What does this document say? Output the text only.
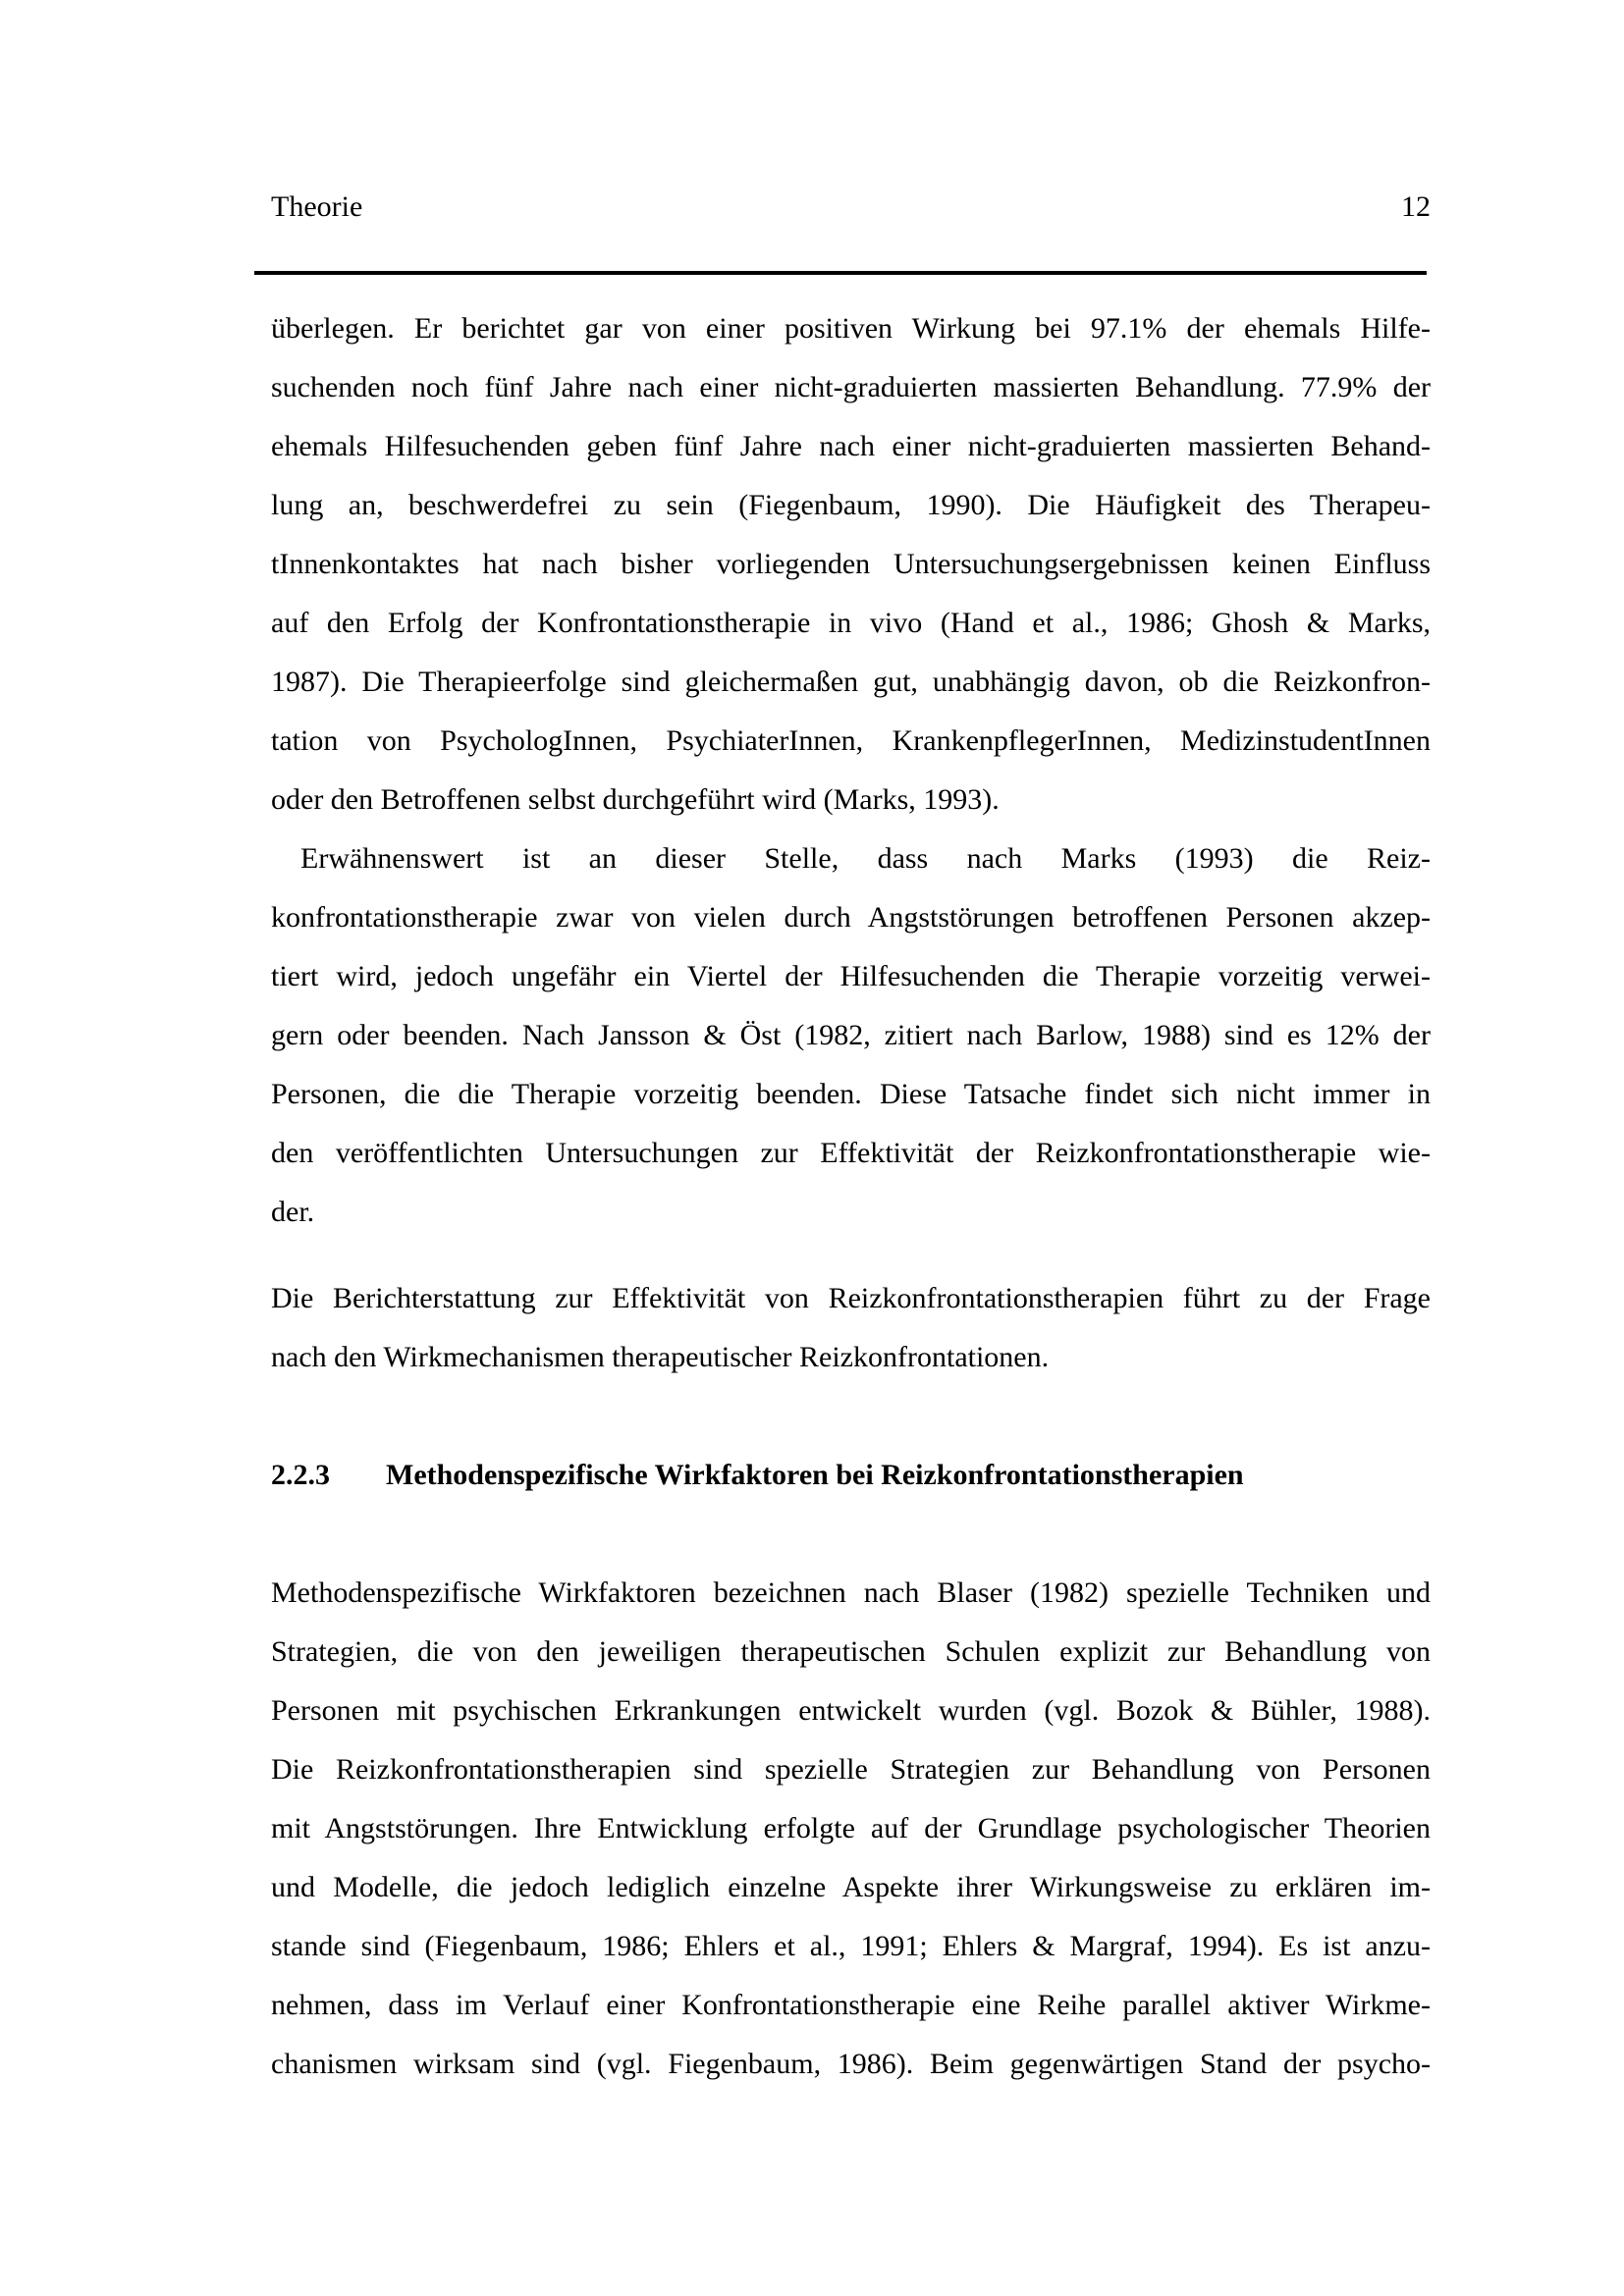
Theorie	12
überlegen. Er berichtet gar von einer positiven Wirkung bei 97.1% der ehemals Hilfe-
suchenden noch fünf Jahre nach einer nicht-graduierten massierten Behandlung. 77.9% der
ehemals Hilfesuchenden geben fünf Jahre nach einer nicht-graduierten massierten Behand-
lung an, beschwerdefrei zu sein (Fiegenbaum, 1990). Die Häufigkeit des Therapeu-
tInnenkontaktes hat nach bisher vorliegenden Untersuchungsergebnissen keinen Einfluss
auf den Erfolg der Konfrontationstherapie in vivo (Hand et al., 1986; Ghosh & Marks,
1987). Die Therapieerfolge sind gleichermaßen gut, unabhängig davon, ob die Reizkonfron-
tation von PsychologInnen, PsychiaterInnen, KrankenpflegerInnen, MedizinstudentInnen
oder den Betroffenen selbst durchgeführt wird (Marks, 1993).
Erwähnenswert ist an dieser Stelle, dass nach Marks (1993) die Reiz-
konfrontationstherapie zwar von vielen durch Angststörungen betroffenen Personen akzep-
tiert wird, jedoch ungefähr ein Viertel der Hilfesuchenden die Therapie vorzeitig verwei-
gern oder beenden. Nach Jansson & Öst (1982, zitiert nach Barlow, 1988) sind es 12% der
Personen, die die Therapie vorzeitig beenden. Diese Tatsache findet sich nicht immer in
den veröffentlichten Untersuchungen zur Effektivität der Reizkonfrontationstherapie wie-
der.
Die Berichterstattung zur Effektivität von Reizkonfrontationstherapien führt zu der Frage
nach den Wirkmechanismen therapeutischer Reizkonfrontationen.
2.2.3 Methodenspezifische Wirkfaktoren bei Reizkonfrontationstherapien
Methodenspezifische Wirkfaktoren bezeichnen nach Blaser (1982) spezielle Techniken und
Strategien, die von den jeweiligen therapeutischen Schulen explizit zur Behandlung von
Personen mit psychischen Erkrankungen entwickelt wurden (vgl. Bozok & Bühler, 1988).
Die Reizkonfrontationstherapien sind spezielle Strategien zur Behandlung von Personen
mit Angststörungen. Ihre Entwicklung erfolgte auf der Grundlage psychologischer Theorien
und Modelle, die jedoch lediglich einzelne Aspekte ihrer Wirkungsweise zu erklären im-
stande sind (Fiegenbaum, 1986; Ehlers et al., 1991; Ehlers & Margraf, 1994). Es ist anzu-
nehmen, dass im Verlauf einer Konfrontationstherapie eine Reihe parallel aktiver Wirkme-
chanismen wirksam sind (vgl. Fiegenbaum, 1986). Beim gegenwärtigen Stand der psycho-
